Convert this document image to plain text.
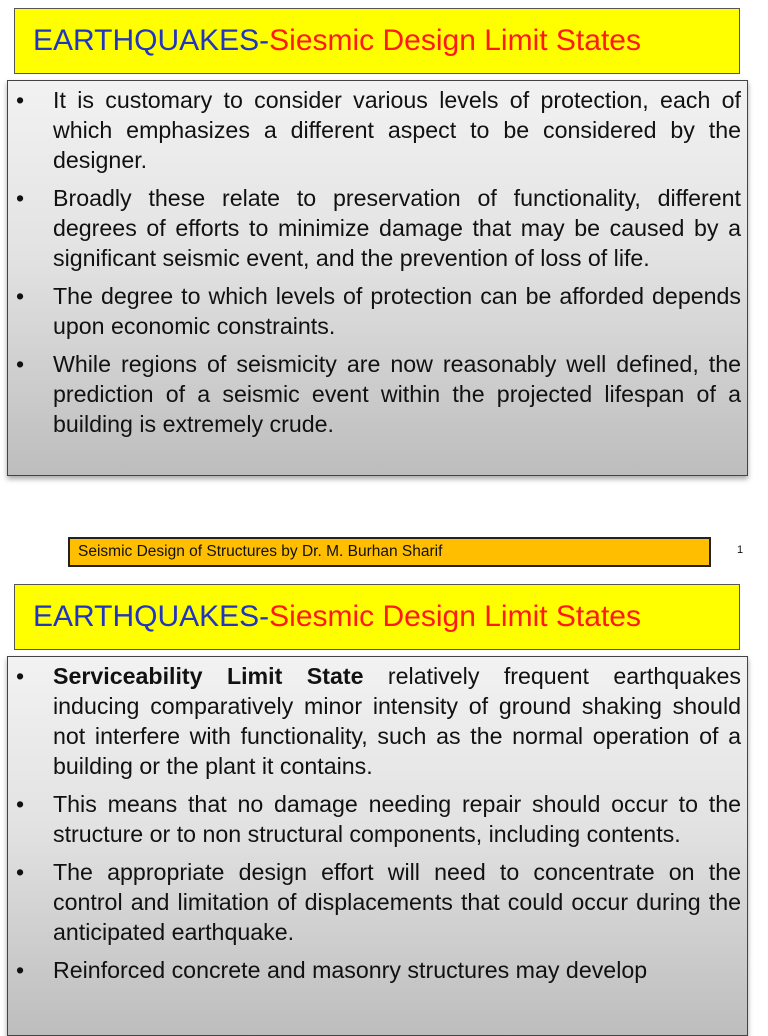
EARTHQUAKES- Siesmic Design Limit States
• It is customary to consider various levels of protection, each of which emphasizes a different aspect to be considered by the designer.
• Broadly these relate to preservation of functionality, different degrees of efforts to minimize damage that may be caused by a significant seismic event, and the prevention of loss of life.
• The degree to which levels of protection can be afforded depends upon economic constraints.
• While regions of seismicity are now reasonably well defined, the prediction of a seismic event within the projected lifespan of a building is extremely crude.
Seismic Design of Structures by Dr. M. Burhan Sharif	1
EARTHQUAKES- Siesmic Design Limit States
• Serviceability Limit State relatively frequent earthquakes inducing comparatively minor intensity of ground shaking should not interfere with functionality, such as the normal operation of a building or the plant it contains.
• This means that no damage needing repair should occur to the structure or to non structural components, including contents.
• The appropriate design effort will need to concentrate on the control and limitation of displacements that could occur during the anticipated earthquake.
• Reinforced concrete and masonry structures may develop
